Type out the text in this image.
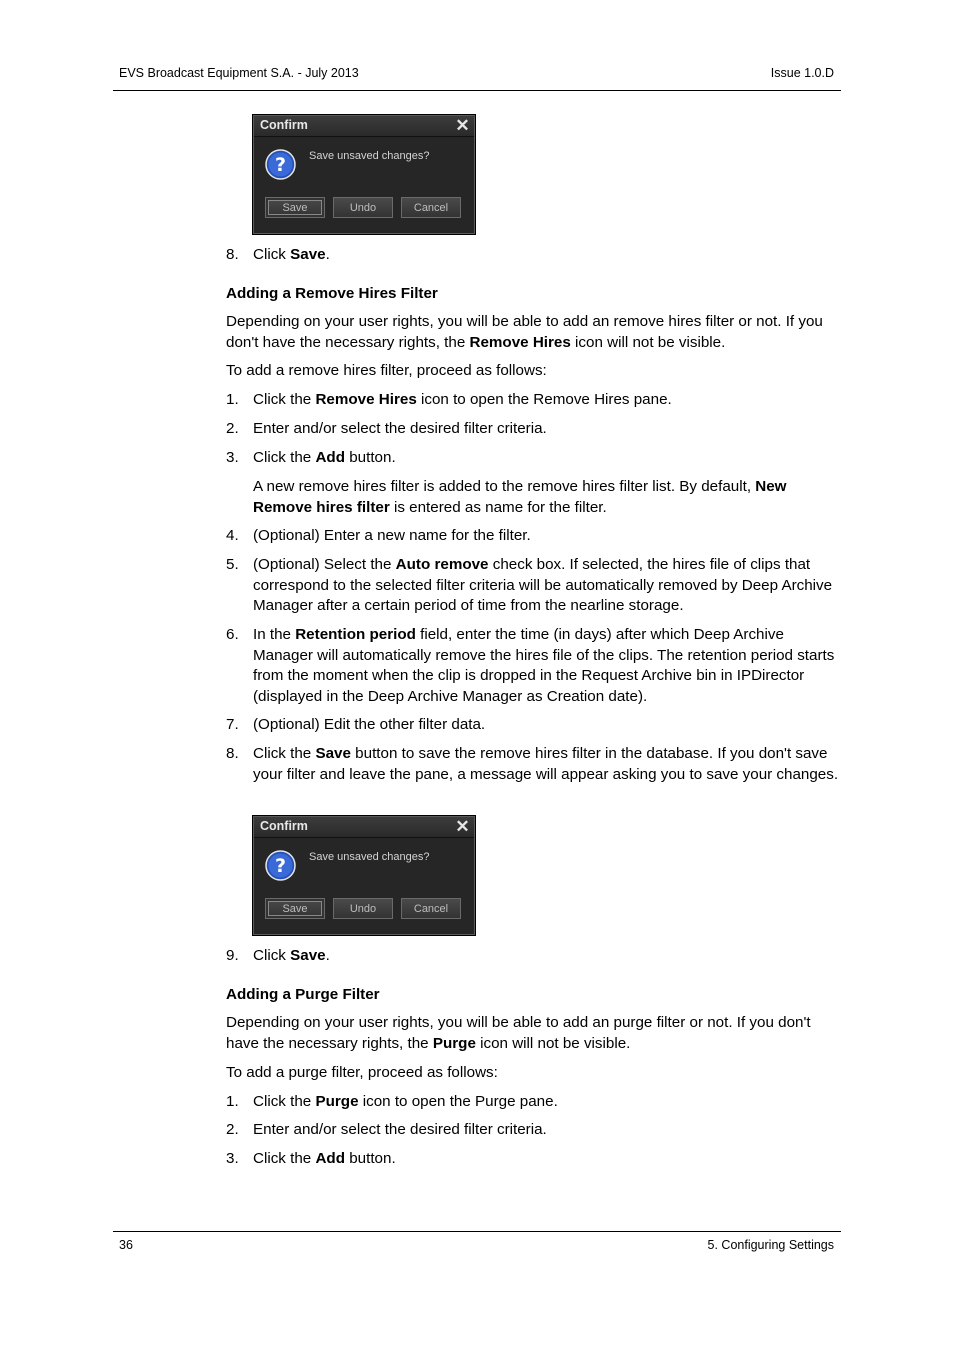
EVS Broadcast Equipment S.A. - July 2013	Issue 1.0.D
Confirm	✕
? Save unsaved changes?
Save	Undo	Cancel
8. Click Save.

Adding a Remove Hires Filter

Depending on your user rights, you will be able to add an remove hires filter or not. If you don't have the necessary rights, the Remove Hires icon will not be visible.

To add a remove hires filter, proceed as follows:

1. Click the Remove Hires icon to open the Remove Hires pane.
2. Enter and/or select the desired filter criteria.
3. Click the Add button.
A new remove hires filter is added to the remove hires filter list. By default, New Remove hires filter is entered as name for the filter.
4. (Optional) Enter a new name for the filter.
5. (Optional) Select the Auto remove check box. If selected, the hires file of clips that correspond to the selected filter criteria will be automatically removed by Deep Archive Manager after a certain period of time from the nearline storage.
6. In the Retention period field, enter the time (in days) after which Deep Archive Manager will automatically remove the hires file of the clips. The retention period starts from the moment when the clip is dropped in the Request Archive bin in IPDirector (displayed in the Deep Archive Manager as Creation date).
7. (Optional) Edit the other filter data.
8. Click the Save button to save the remove hires filter in the database. If you don't save your filter and leave the pane, a message will appear asking you to save your changes.
9. Click Save.

Adding a Purge Filter

Depending on your user rights, you will be able to add an purge filter or not. If you don't have the necessary rights, the Purge icon will not be visible.

To add a purge filter, proceed as follows:

1. Click the Purge icon to open the Purge pane.
2. Enter and/or select the desired filter criteria.
3. Click the Add button.
Confirm	✕
? Save unsaved changes?
Save	Undo	Cancel
36	5. Configuring Settings
